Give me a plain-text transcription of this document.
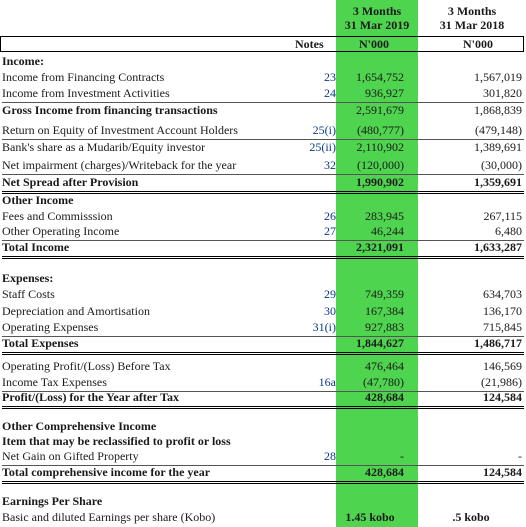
3 Months
31 Mar 2019
3 Months
31 Mar 2018
Notes	N'000	N'000
Income:
Income from Financing Contracts	23	1,654,752	1,567,019
Income from Investment Activities	24	936,927	301,820
Gross Income from financing transactions	2,591,679	1,868,839
Return on Equity of Investment Account Holders	25(i)	(480,777)	(479,148)
Bank's share as a Mudarib/Equity investor	25(ii)	2,110,902	1,389,691
Net impairment (charges)/Writeback for the year	32	(120,000)	(30,000)
Net Spread after Provision	1,990,902	1,359,691
Other Income
Fees and Commisssion	26	283,945	267,115
Other Operating Income	27	46,244	6,480
Total Income	2,321,091	1,633,287
Expenses:
Staff Costs	29	749,359	634,703
Depreciation and Amortisation	30	167,384	136,170
Operating Expenses	31(i)	927,883	715,845
Total Expenses	1,844,627	1,486,717
Operating Profit/(Loss) Before Tax	476,464	146,569
Income Tax Expenses	16a	(47,780)	(21,986)
Profit/(Loss) for the Year after Tax	428,684	124,584
Other Comprehensive Income
Item that may be reclassified to profit or loss
Net Gain on Gifted Property	28	-	-
Total comprehensive income for the year	428,684	124,584
Earnings Per Share
Basic and diluted Earnings per share (Kobo)	1.45 kobo	.5 kobo
